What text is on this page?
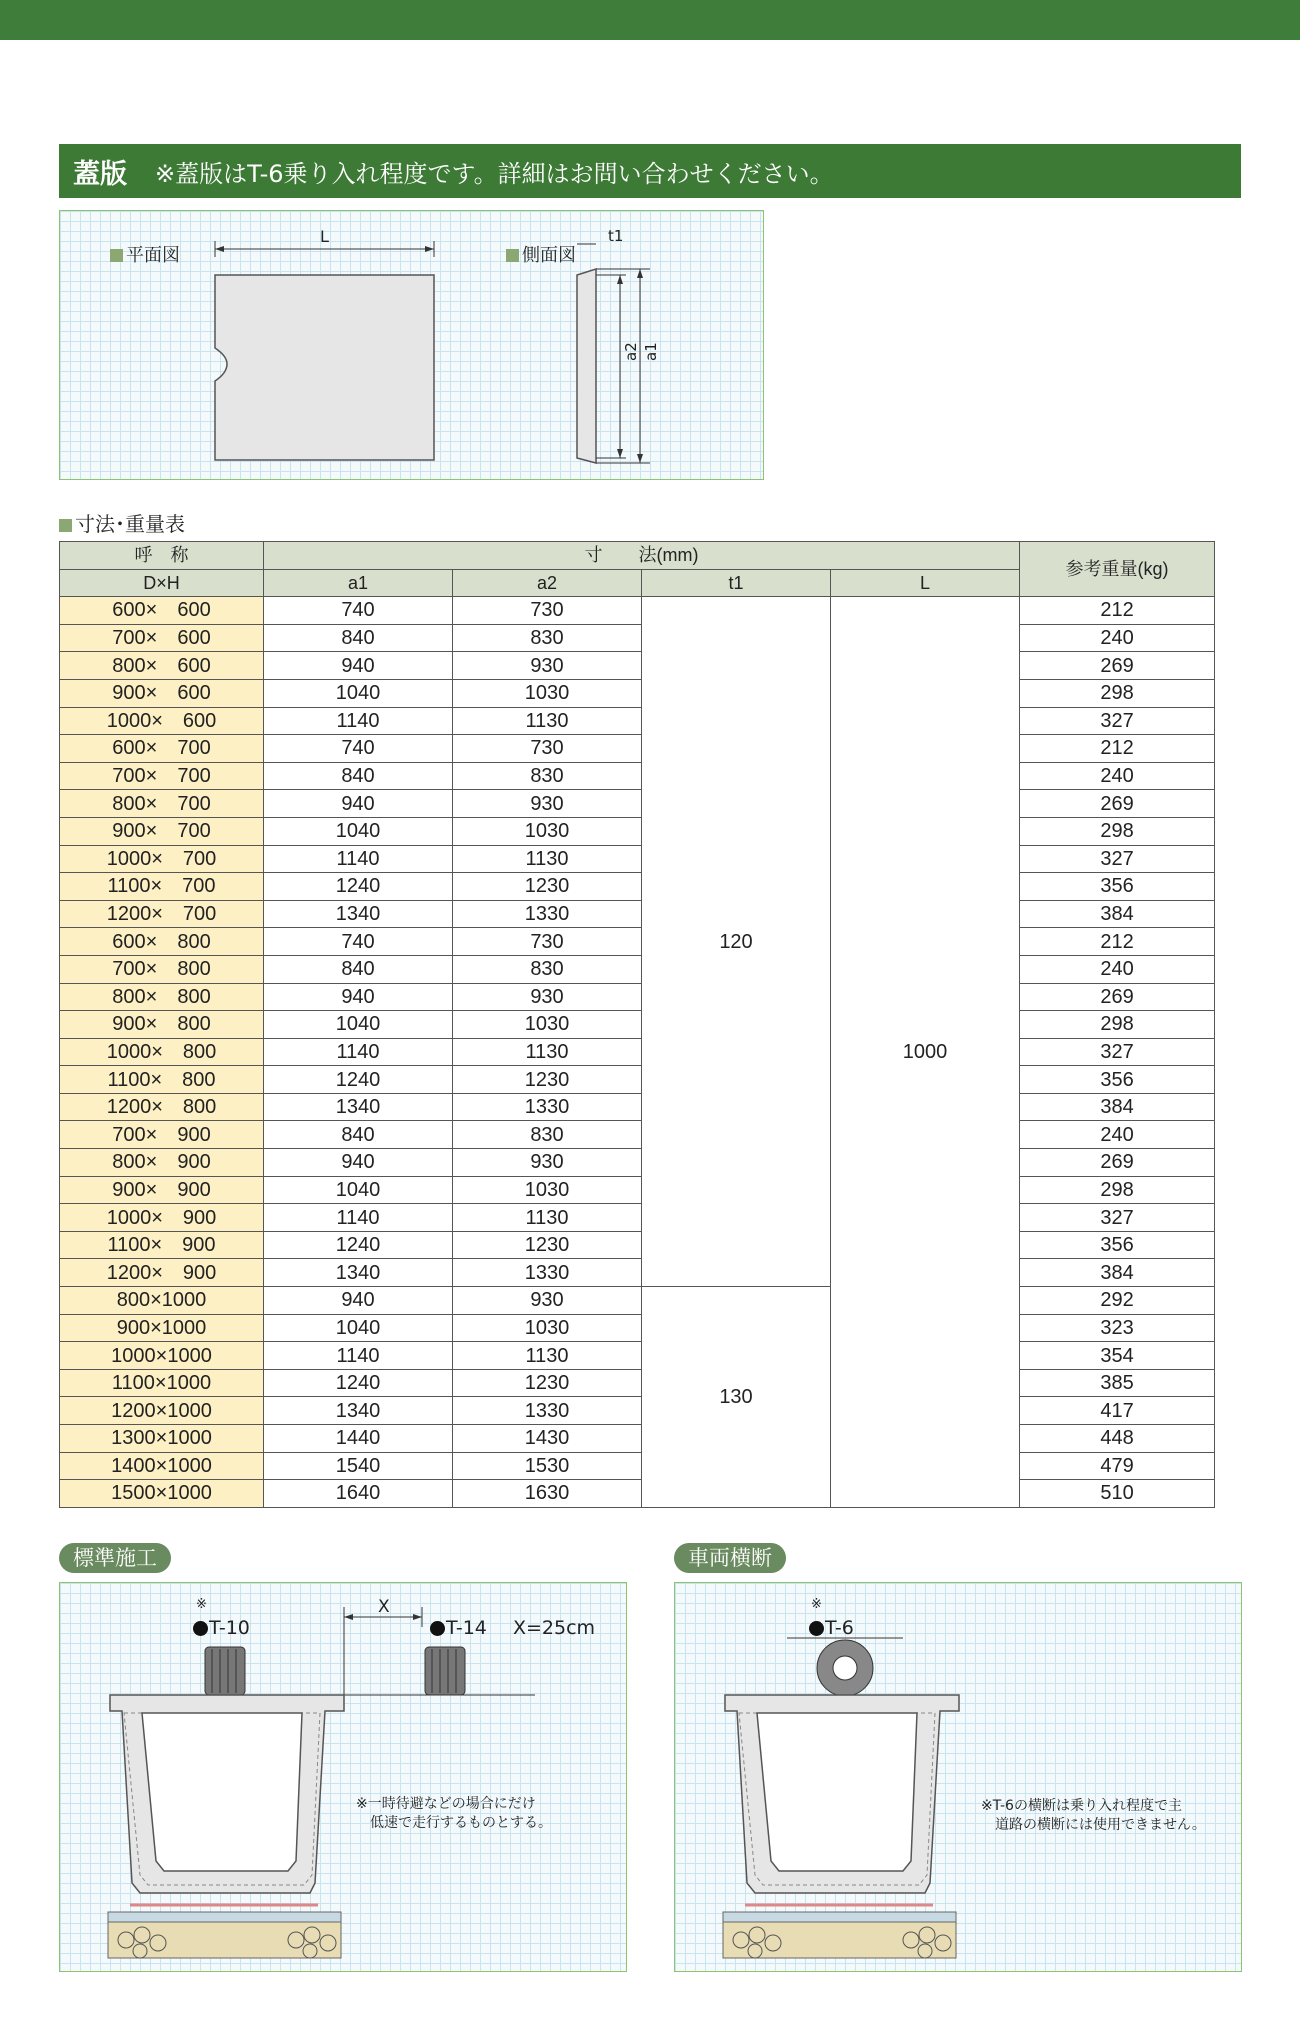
蓋版 ※蓋版はT-6乗り入れ程度です。詳細はお問い合わせください。
平面図	側面図
L	t1
a1
a2
寸法･重量表
呼　称	寸　　法(mm)				参考重量(kg)
D×H	a1	a2	t1	L	
600×　600	740	730	120	1000	212
700×　600	840	830			240
800×　600	940	930			269
900×　600	1040	1030			298
1000×　600	1140	1130			327
600×　700	740	730			212
700×　700	840	830			240
800×　700	940	930			269
900×　700	1040	1030			298
1000×　700	1140	1130			327
1100×　700	1240	1230			356
1200×　700	1340	1330			384
600×　800	740	730			212
700×　800	840	830			240
800×　800	940	930			269
900×　800	1040	1030			298
1000×　800	1140	1130			327
1100×　800	1240	1230			356
1200×　800	1340	1330			384
700×　900	840	830			240
800×　900	940	930			269
900×　900	1040	1030			298
1000×　900	1140	1130			327
1100×　900	1240	1230			356
1200×　900	1340	1330			384
800×1000	940	930	130		292
900×1000	1040	1030			323
1000×1000	1140	1130			354
1100×1000	1240	1230			385
1200×1000	1340	1330			417
1300×1000	1440	1430			448
1400×1000	1540	1530			479
1500×1000	1640	1630			510
標準施工
※
T-10	T-14 X=25cm
X
※一時待避などの場合にだけ
低速で走行するものとする。
車両横断
※
T-6
※T-6の横断は乗り入れ程度で主
道路の横断には使用できません。
